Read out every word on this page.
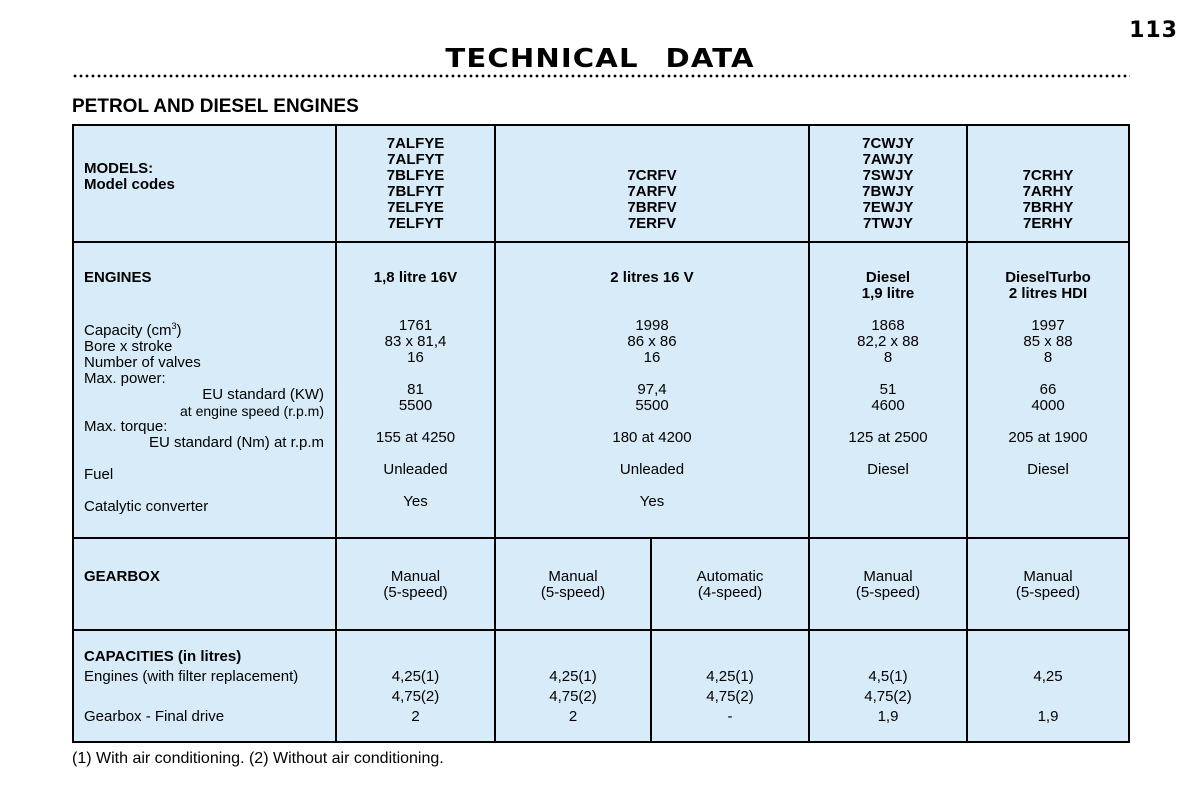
113
TECHNICAL DATA
PETROL AND DIESEL ENGINES
MODELS:
Model codes
7ALFYE
7ALFYT
7BLFYE
7BLFYT
7ELFYE
7ELFYT
7CRFV
7ARFV
7BRFV
7ERFV
7CWJY
7AWJY
7SWJY
7BWJY
7EWJY
7TWJY
7CRHY
7ARHY
7BRHY
7ERHY
ENGINES
Capacity $(cm^3)$
Bore x stroke
Number of valves
Max. power:
EU standard (KW)
at engine speed (r.p.m)
Max. torque:
EU standard (Nm) at r.p.m
Fuel
Catalytic converter
1,8 litre 16V
1761
83 x 81,4
16
81
5500
155 at 4250
Unleaded
Yes
2 litres 16 V
1998
86 x 86
16
97,4
5500
180 at 4200
Unleaded
Yes
Diesel
1,9 litre
1868
82,2 x 88
8
51
4600
125 at 2500
Diesel
DieselTurbo
2 litres HDI
1997
85 x 88
8
66
4000
205 at 1900
Diesel
GEARBOX	Manual
(5-speed)
Manual
(5-speed)
Automatic
(4-speed)
Manual
(5-speed)
Manual
(5-speed)
CAPACITIES (in litres)
Engines (with filter replacement)
Gearbox - Final drive
4,25(1)
4,75(2)
2
4,25(1)
4,75(2)
2
4,25(1)
4,75(2)
-
4,5(1)
4,75(2)
1,9
4,25
1,9
(1) With air conditioning. (2) Without air conditioning.
